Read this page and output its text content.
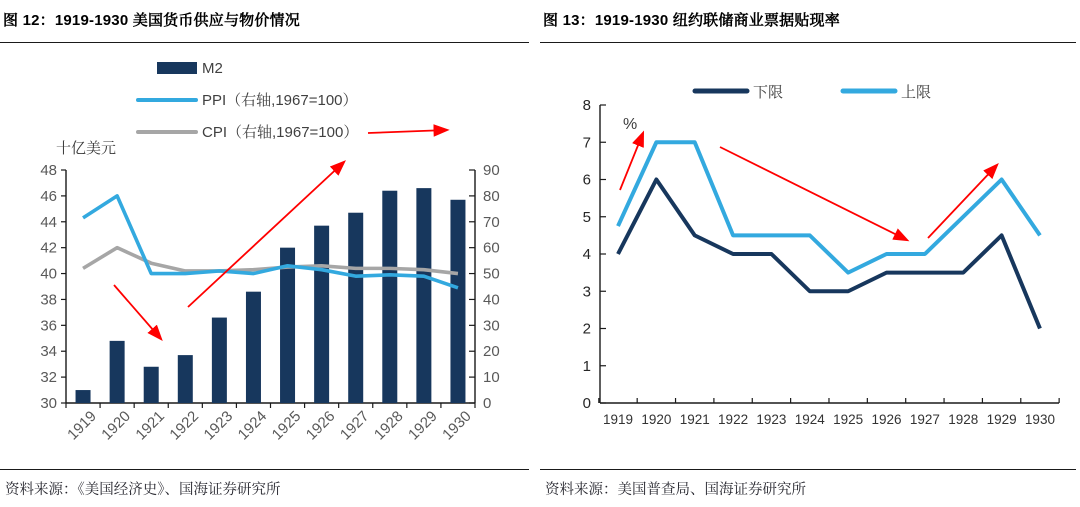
图 12：1919-1930 美国货币供应与物价情况
M2
PPI（右轴,1967=100）
CPI（右轴,1967=100）
十亿美元
30
32
34
36
38
40
42
44
46
48
0
10
20
30
40
50
60
70
80
90
1919
1920
1921
1922
1923
1924
1925
1926
1927
1928
1929
1930
资料来源：《美国经济史》、国海证券研究所
图 13：1919-1930 纽约联储商业票据贴现率
下限	上限
0
1
2
3
4
5
6
7
8
%
1919 1920 1921 1922 1923 1924 1925 1926 1927 1928 1929 1930
资料来源：美国普查局、国海证券研究所
